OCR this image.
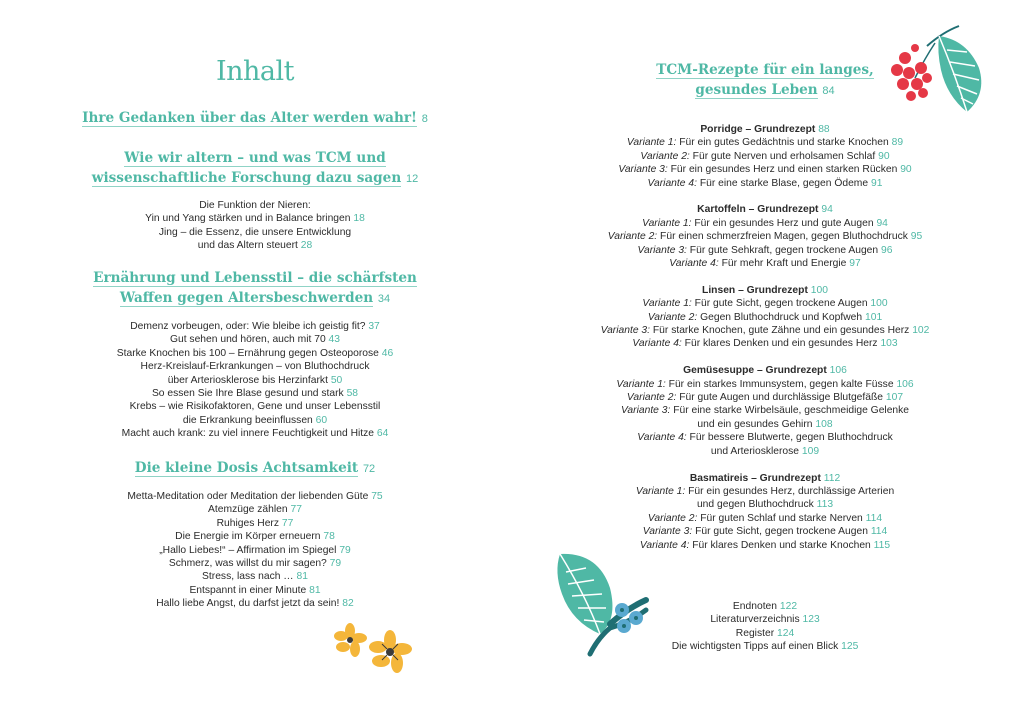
Inhalt
Ihre Gedanken über das Alter werden wahr! 8
Wie wir altern – und was TCM und
wissenschaftliche Forschung dazu sagen 12
Die Funktion der Nieren:
Yin und Yang stärken und in Balance bringen 18
Jing – die Essenz, die unsere Entwicklung
und das Altern steuert 28
Ernährung und Lebensstil – die schärfsten
Waffen gegen Altersbeschwerden 34
Demenz vorbeugen, oder: Wie bleibe ich geistig fit? 37
Gut sehen und hören, auch mit 70 43
Starke Knochen bis 100 – Ernährung gegen Osteoporose 46
Herz-Kreislauf-Erkrankungen – von Bluthochdruck
über Arteriosklerose bis Herzinfarkt 50
So essen Sie Ihre Blase gesund und stark 58
Krebs – wie Risikofaktoren, Gene und unser Lebensstil
die Erkrankung beeinflussen 60
Macht auch krank: zu viel innere Feuchtigkeit und Hitze 64
Die kleine Dosis Achtsamkeit 72
Metta-Meditation oder Meditation der liebenden Güte 75
Atemzüge zählen 77
Ruhiges Herz 77
Die Energie im Körper erneuern 78
„Hallo Liebes!“ – Affirmation im Spiegel 79
Schmerz, was willst du mir sagen? 79
Stress, lass nach … 81
Entspannt in einer Minute 81
Hallo liebe Angst, du darfst jetzt da sein! 82
TCM-Rezepte für ein langes,
gesundes Leben 84
Porridge – Grundrezept 88
Variante 1: Für ein gutes Gedächtnis und starke Knochen 89
Variante 2: Für gute Nerven und erholsamen Schlaf 90
Variante 3: Für ein gesundes Herz und einen starken Rücken 90
Variante 4: Für eine starke Blase, gegen Ödeme 91
Kartoffeln – Grundrezept 94
Variante 1: Für ein gesundes Herz und gute Augen 94
Variante 2: Für einen schmerzfreien Magen, gegen Bluthochdruck 95
Variante 3: Für gute Sehkraft, gegen trockene Augen 96
Variante 4: Für mehr Kraft und Energie 97
Linsen – Grundrezept 100
Variante 1: Für gute Sicht, gegen trockene Augen 100
Variante 2: Gegen Bluthochdruck und Kopfweh 101
Variante 3: Für starke Knochen, gute Zähne und ein gesundes Herz 102
Variante 4: Für klares Denken und ein gesundes Herz 103
Gemüsesuppe – Grundrezept 106
Variante 1: Für ein starkes Immunsystem, gegen kalte Füsse 106
Variante 2: Für gute Augen und durchlässige Blutgefäße 107
Variante 3: Für eine starke Wirbelsäule, geschmeidige Gelenke
und ein gesundes Gehirn 108
Variante 4: Für bessere Blutwerte, gegen Bluthochdruck
und Arteriosklerose 109
Basmatireis – Grundrezept 112
Variante 1: Für ein gesundes Herz, durchlässige Arterien
und gegen Bluthochdruck 113
Variante 2: Für guten Schlaf und starke Nerven 114
Variante 3: Für gute Sicht, gegen trockene Augen 114
Variante 4: Für klares Denken und starke Knochen 115
Endnoten 122
Literaturverzeichnis 123
Register 124
Die wichtigsten Tipps auf einen Blick 125
